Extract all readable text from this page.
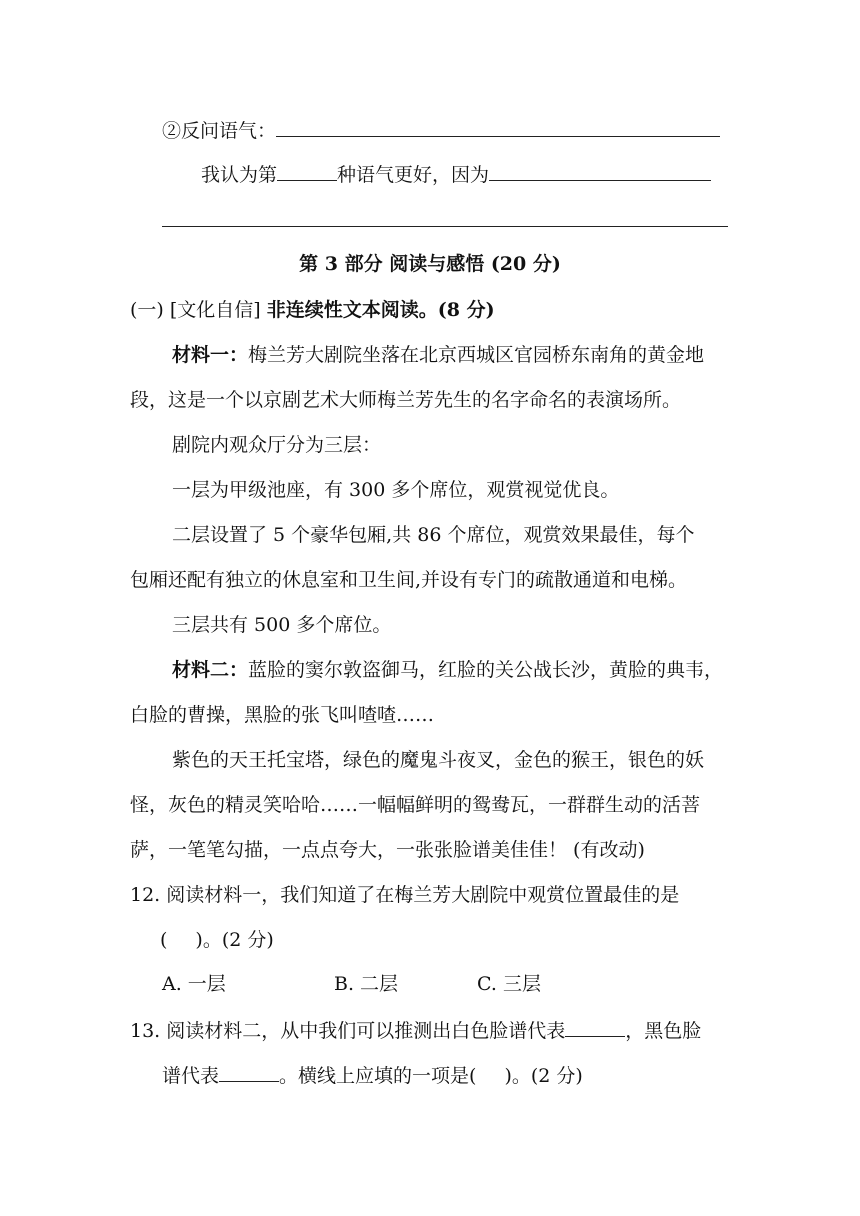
②反问语气：
我认为第	种语气更好，因为
第 3 部分 阅读与感悟 (20 分)
(一) [文化自信] 非连续性文本阅读。(8 分)
材料一：梅兰芳大剧院坐落在北京西城区官园桥东南角的黄金地
段，这是一个以京剧艺术大师梅兰芳先生的名字命名的表演场所。
剧院内观众厅分为三层：
一层为甲级池座，有 300 多个席位，观赏视觉优良。
二层设置了 5 个豪华包厢,共 86 个席位，观赏效果最佳，每个
包厢还配有独立的休息室和卫生间,并设有专门的疏散通道和电梯。
三层共有 500 多个席位。
材料二：蓝脸的窦尔敦盗御马，红脸的关公战长沙，黄脸的典韦，
白脸的曹操，黑脸的张飞叫喳喳……
紫色的天王托宝塔，绿色的魔鬼斗夜叉，金色的猴王，银色的妖
怪，灰色的精灵笑哈哈……一幅幅鲜明的鸳鸯瓦，一群群生动的活菩
萨，一笔笔勾描，一点点夸大，一张张脸谱美佳佳！ (有改动)
12. 阅读材料一，我们知道了在梅兰芳大剧院中观赏位置最佳的是
( )。(2 分)
A. 一层	B. 二层	C. 三层
13. 阅读材料二，从中我们可以推测出白色脸谱代表	，黑色脸
谱代表	。横线上应填的一项是( )。(2 分)
